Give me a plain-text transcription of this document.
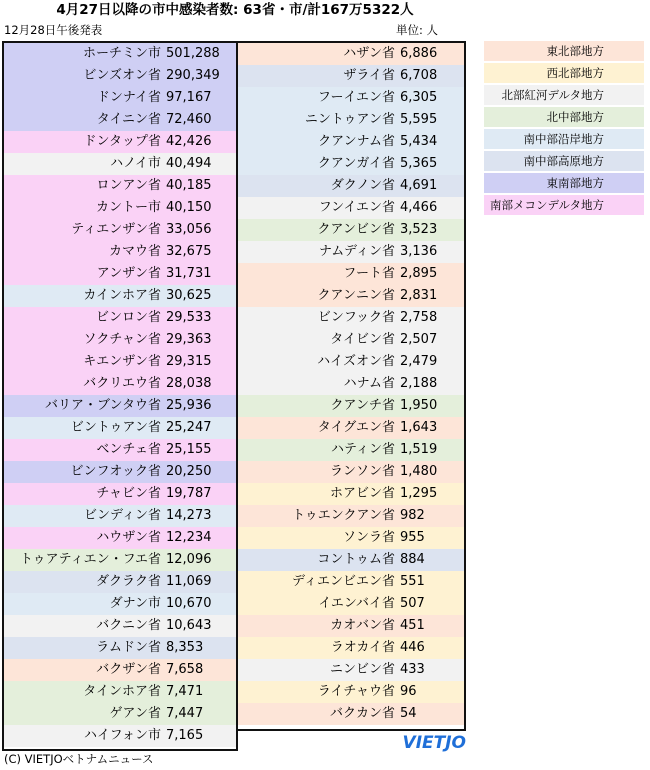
4月27日以降の市中感染者数: 63省・市/計167万5322人
12月28日午後発表	単位: 人
ホーチミン市 501,288
ビンズオン省 290,349
ドンナイ省 97,167
タイニン省 72,460
ドンタップ省 42,426
ハノイ市 40,494
ロンアン省 40,185
カントー市 40,150
ティエンザン省 33,056
カマウ省 32,675
アンザン省 31,731
カインホア省 30,625
ビンロン省 29,533
ソクチャン省 29,363
キエンザン省 29,315
バクリエウ省 28,038
バリア・ブンタウ省 25,936
ビントゥアン省 25,247
ベンチェ省 25,155
ビンフオック省 20,250
チャビン省 19,787
ビンディン省 14,273
ハウザン省 12,234
トゥアティエン・フエ省 12,096
ダクラク省 11,069
ダナン市 10,670
バクニン省 10,643
ラムドン省 8,353
バクザン省 7,658
タインホア省 7,471
ゲアン省 7,447
ハイフォン市 7,165
ハザン省 6,886
ザライ省 6,708
フーイエン省 6,305
ニントゥアン省 5,595
クアンナム省 5,434
クアンガイ省 5,365
ダクノン省 4,691
フンイエン省 4,466
クアンビン省 3,523
ナムディン省 3,136
フート省 2,895
クアンニン省 2,831
ビンフック省 2,758
タイビン省 2,507
ハイズオン省 2,479
ハナム省 2,188
クアンチ省 1,950
タイグエン省 1,643
ハティン省 1,519
ランソン省 1,480
ホアビン省 1,295
トゥエンクアン省 982
ソンラ省 955
コントゥム省 884
ディエンビエン省 551
イエンバイ省 507
カオバン省 451
ラオカイ省 446
ニンビン省 433
ライチャウ省 96
バクカン省 54
東北部地方
西北部地方
北部紅河デルタ地方
北中部地方
南中部沿岸地方
南中部高原地方
東南部地方
南部メコンデルタ地方
VIETJO
(C) VIETJOベトナムニュース
